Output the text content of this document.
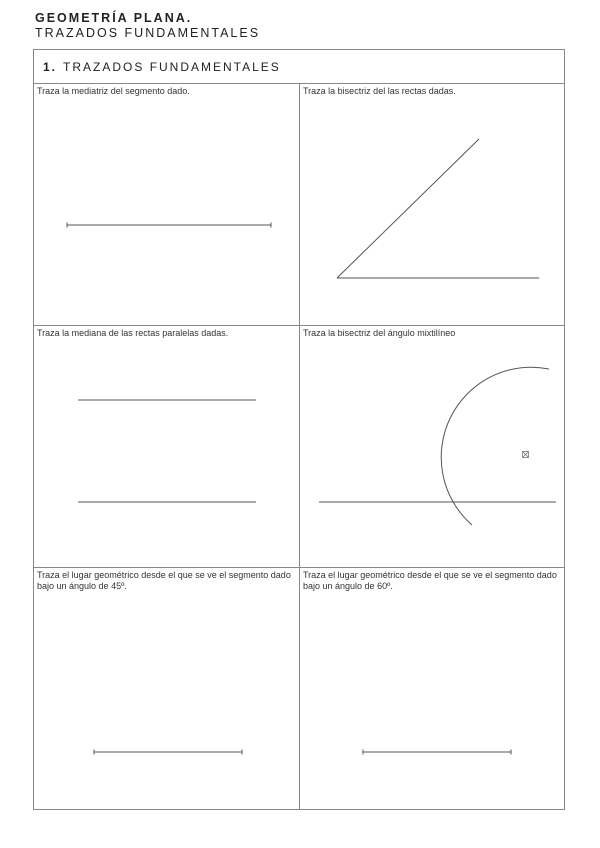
GEOMETRÍA PLANA.
TRAZADOS FUNDAMENTALES
1. TRAZADOS FUNDAMENTALES
Traza la mediatriz del segmento dado.	Traza la bisectriz del las rectas dadas.
Traza la mediana de las rectas paralelas dadas.	Traza la bisectriz del ángulo mixtilíneo
Traza el lugar geométrico desde el que se ve el segmento dado bajo un ángulo de 45º.
Traza el lugar geométrico desde el que se ve el segmento dado bajo un ángulo de 60º.
